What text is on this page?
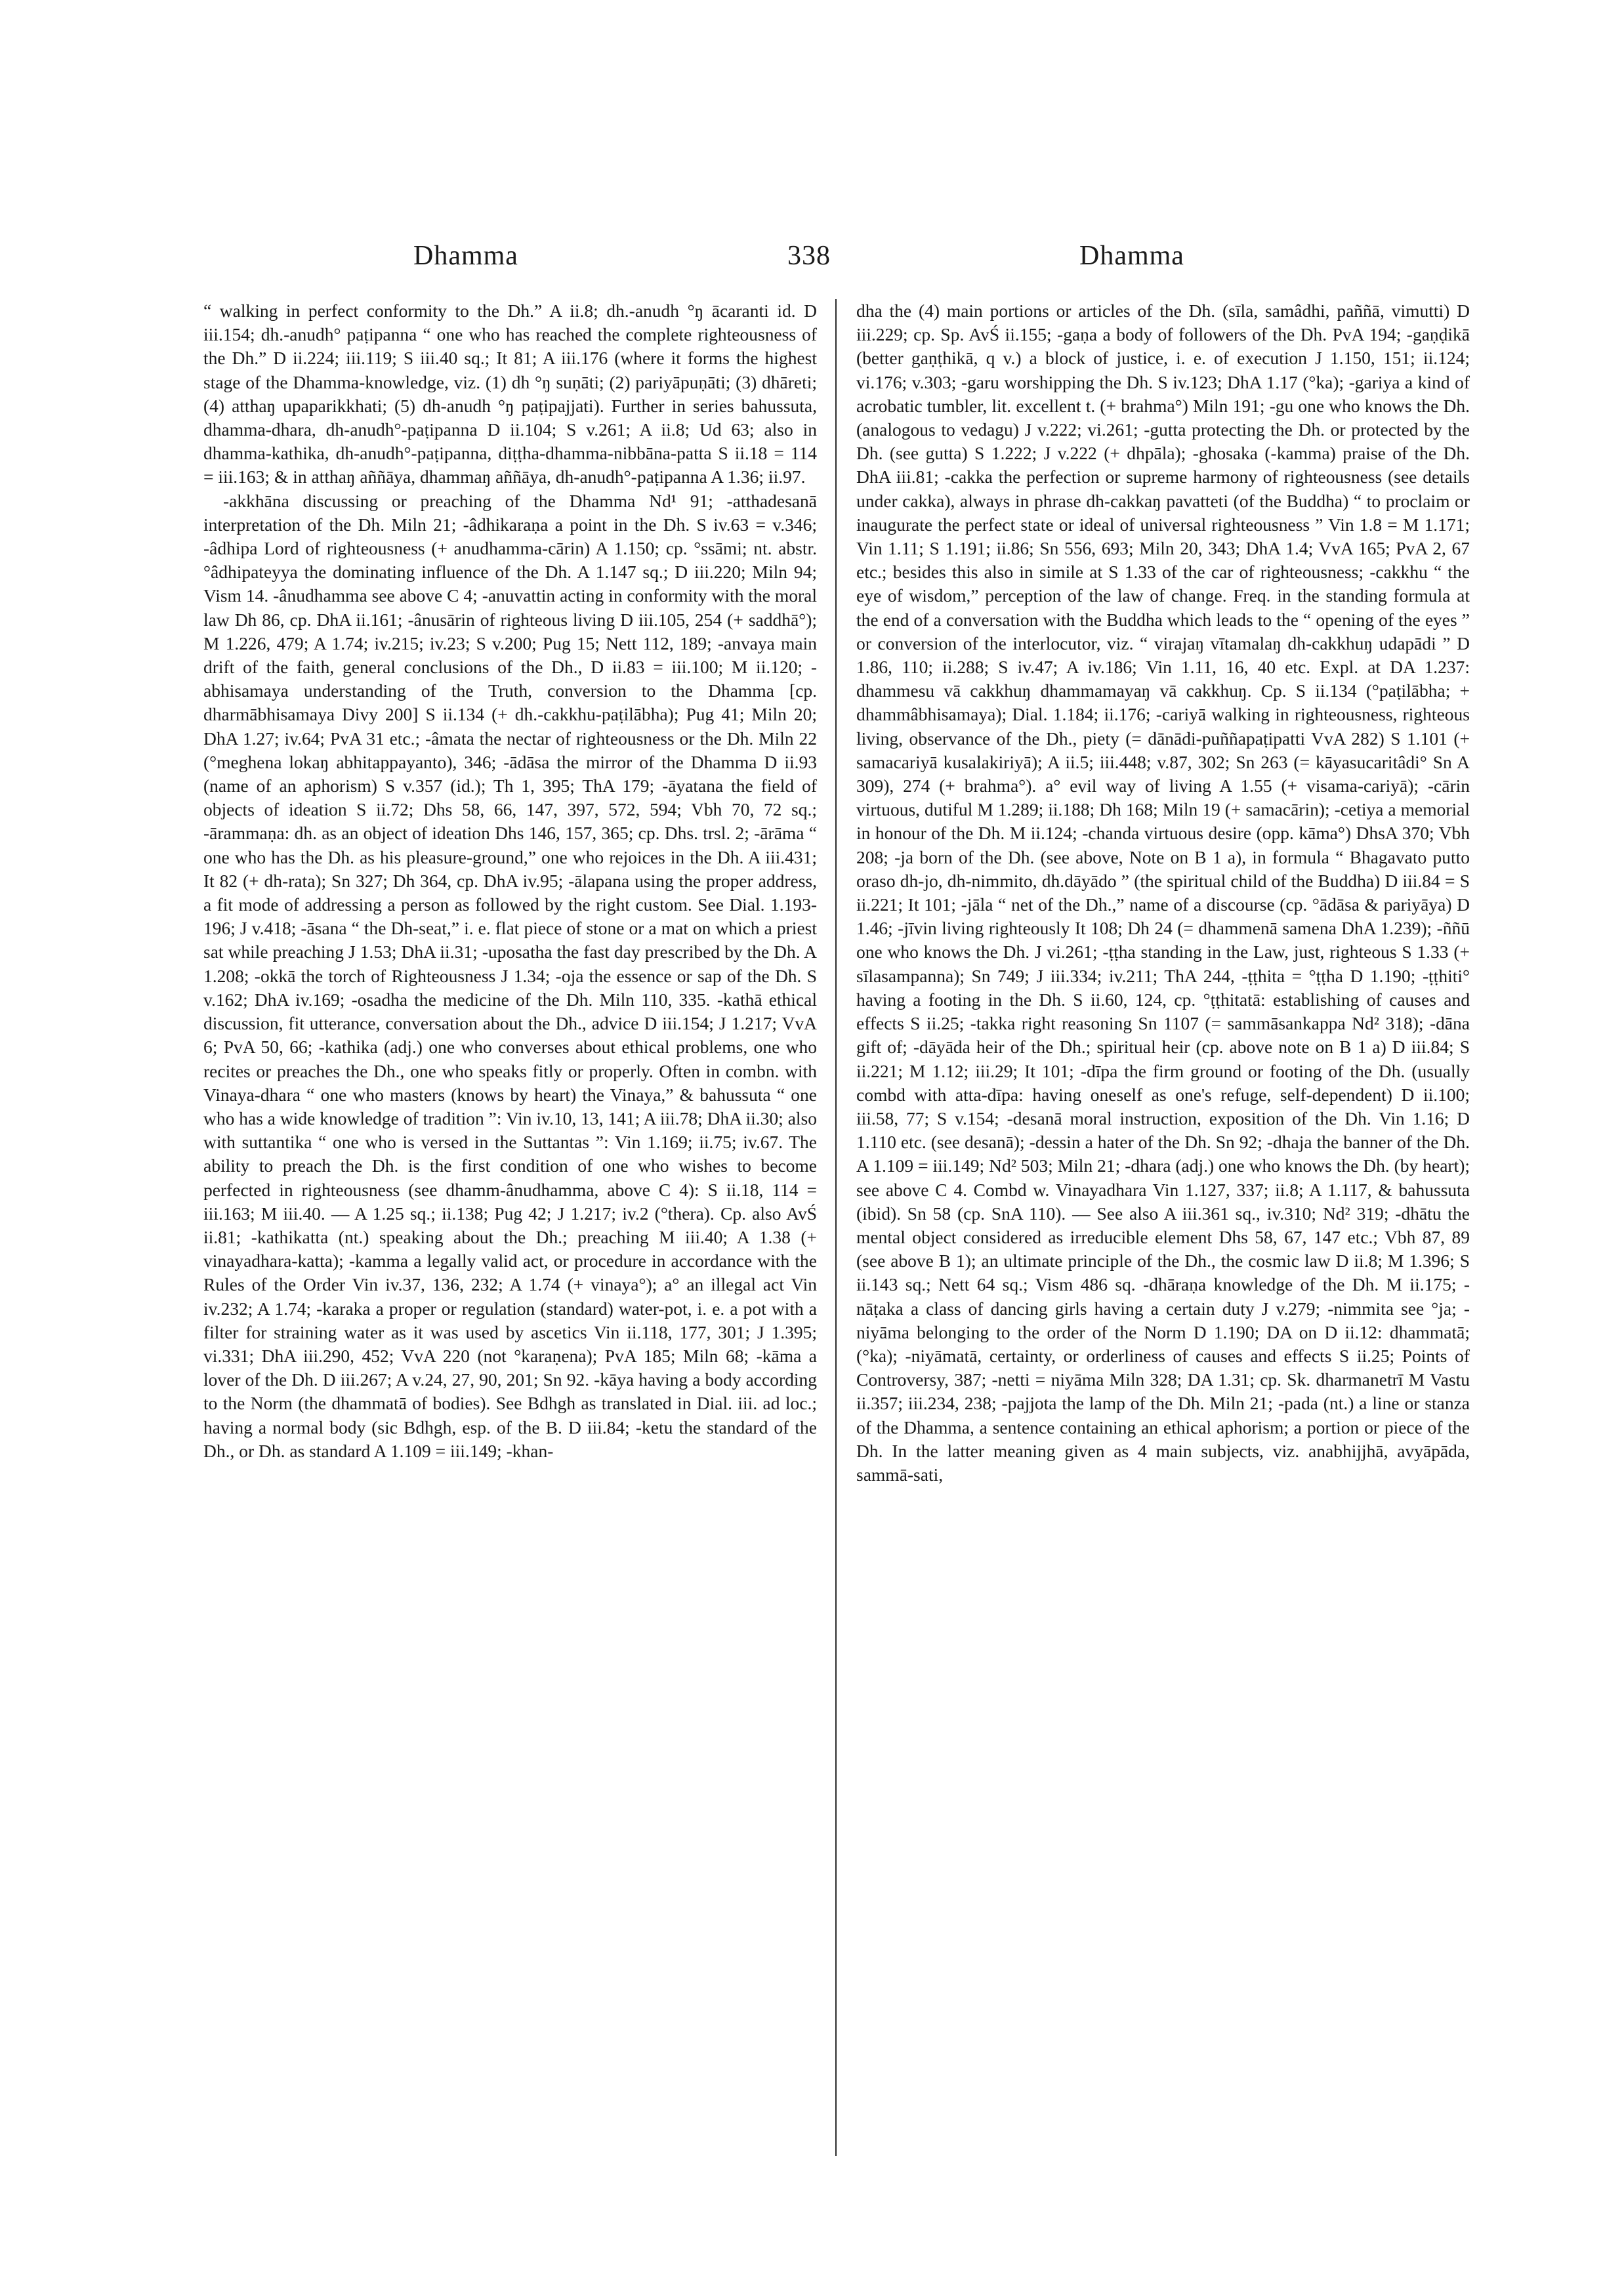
Dhamma	338	Dhamma

“ walking in perfect conformity to the Dh.” A ii.8; dh.-anudh °ŋ ācaranti id. D iii.154; dh.-anudh° paṭipanna “ one who has reached the complete righteousness of the Dh.” D ii.224; iii.119; S iii.40 sq.; It 81; A iii.176 (where it forms the highest stage of the Dhamma-knowledge, viz. (1) dh °ŋ suṇāti; (2) pariyāpuṇāti; (3) dhāreti; (4) atthaŋ upaparikkhati; (5) dh-anudh °ŋ paṭipajjati). Further in series bahussuta, dhamma-dhara, dh-anudh°-paṭipanna D ii.104; S v.261; A ii.8; Ud 63; also in dhamma-kathika, dh-anudh°-paṭipanna, diṭṭha-dhamma-nibbāna-patta S ii.18 = 114 = iii.163; & in atthaŋ aññāya, dhammaŋ aññāya, dh-anudh°-paṭipanna A 1.36; ii.97.

-akkhāna discussing or preaching of the Dhamma Nd¹ 91; -atthadesanā interpretation of the Dh. Miln 21; -âdhikaraṇa a point in the Dh. S iv.63 = v.346; -âdhipa Lord of righteousness (+ anudhamma-cārin) A 1.150; cp. °ssāmi; nt. abstr. °âdhipateyya the dominating influence of the Dh. A 1.147 sq.; D iii.220; Miln 94; Vism 14. -ânudhamma see above C 4; -anuvattin acting in conformity with the moral law Dh 86, cp. DhA ii.161; -ânusārin of righteous living D iii.105, 254 (+ saddhā°); M 1.226, 479; A 1.74; iv.215; iv.23; S v.200; Pug 15; Nett 112, 189; -anvaya main drift of the faith, general conclusions of the Dh., D ii.83 = iii.100; M ii.120; -abhisamaya understanding of the Truth, conversion to the Dhamma [cp. dharmābhisamaya Divy 200] S ii.134 (+ dh.-cakkhu-paṭilābha); Pug 41; Miln 20; DhA 1.27; iv.64; PvA 31 etc.; -âmata the nectar of righteousness or the Dh. Miln 22 (°meghena lokaŋ abhitappayanto), 346; -ādāsa the mirror of the Dhamma D ii.93 (name of an aphorism) S v.357 (id.); Th 1, 395; ThA 179; -āyatana the field of objects of ideation S ii.72; Dhs 58, 66, 147, 397, 572, 594; Vbh 70, 72 sq.; -ārammaṇa: dh. as an object of ideation Dhs 146, 157, 365; cp. Dhs. trsl. 2; -ārāma “ one who has the Dh. as his pleasure-ground,” one who rejoices in the Dh. A iii.431; It 82 (+ dh-rata); Sn 327; Dh 364, cp. DhA iv.95; -ālapana using the proper address, a fit mode of addressing a person as followed by the right custom. See Dial. 1.193-196; J v.418; -āsana “ the Dh-seat,” i. e. flat piece of stone or a mat on which a priest sat while preaching J 1.53; DhA ii.31; -uposatha the fast day prescribed by the Dh. A 1.208; -okkā the torch of Righteousness J 1.34; -oja the essence or sap of the Dh. S v.162; DhA iv.169; -osadha the medicine of the Dh. Miln 110, 335. -kathā ethical discussion, fit utterance, conversation about the Dh., advice D iii.154; J 1.217; VvA 6; PvA 50, 66; -kathika (adj.) one who converses about ethical problems, one who recites or preaches the Dh., one who speaks fitly or properly. Often in combn. with Vinaya-dhara “ one who masters (knows by heart) the Vinaya,” & bahussuta “ one who has a wide knowledge of tradition ”: Vin iv.10, 13, 141; A iii.78; DhA ii.30; also with suttantika “ one who is versed in the Suttantas ”: Vin 1.169; ii.75; iv.67. The ability to preach the Dh. is the first condition of one who wishes to become perfected in righteousness (see dhamm-ânudhamma, above C 4): S ii.18, 114 = iii.163; M iii.40. — A 1.25 sq.; ii.138; Pug 42; J 1.217; iv.2 (°thera). Cp. also AvŚ ii.81; -kathikatta (nt.) speaking about the Dh.; preaching M iii.40; A 1.38 (+ vinayadhara-katta); -kamma a legally valid act, or procedure in accordance with the Rules of the Order Vin iv.37, 136, 232; A 1.74 (+ vinaya°); a° an illegal act Vin iv.232; A 1.74; -karaka a proper or regulation (standard) water-pot, i. e. a pot with a filter for straining water as it was used by ascetics Vin ii.118, 177, 301; J 1.395; vi.331; DhA iii.290, 452; VvA 220 (not °karaṇena); PvA 185; Miln 68; -kāma a lover of the Dh. D iii.267; A v.24, 27, 90, 201; Sn 92. -kāya having a body according to the Norm (the dhammatā of bodies). See Bdhgh as translated in Dial. iii. ad loc.; having a normal body (sic Bdhgh, esp. of the B. D iii.84; -ketu the standard of the Dh., or Dh. as standard A 1.109 = iii.149; -khan-

dha the (4) main portions or articles of the Dh. (sīla, samâdhi, paññā, vimutti) D iii.229; cp. Sp. AvŚ ii.155; -gaṇa a body of followers of the Dh. PvA 194; -gaṇḍikā (better gaṇṭhikā, q v.) a block of justice, i. e. of execution J 1.150, 151; ii.124; vi.176; v.303; -garu worshipping the Dh. S iv.123; DhA 1.17 (°ka); -gariya a kind of acrobatic tumbler, lit. excellent t. (+ brahma°) Miln 191; -gu one who knows the Dh. (analogous to vedagu) J v.222; vi.261; -gutta protecting the Dh. or protected by the Dh. (see gutta) S 1.222; J v.222 (+ dhpāla); -ghosaka (-kamma) praise of the Dh. DhA iii.81; -cakka the perfection or supreme harmony of righteousness (see details under cakka), always in phrase dh-cakkaŋ pavatteti (of the Buddha) “ to proclaim or inaugurate the perfect state or ideal of universal righteousness ” Vin 1.8 = M 1.171; Vin 1.11; S 1.191; ii.86; Sn 556, 693; Miln 20, 343; DhA 1.4; VvA 165; PvA 2, 67 etc.; besides this also in simile at S 1.33 of the car of righteousness; -cakkhu “ the eye of wisdom,” perception of the law of change. Freq. in the standing formula at the end of a conversation with the Buddha which leads to the “ opening of the eyes ” or conversion of the interlocutor, viz. “ virajaŋ vītamalaŋ dh-cakkhuŋ udapādi ” D 1.86, 110; ii.288; S iv.47; A iv.186; Vin 1.11, 16, 40 etc. Expl. at DA 1.237: dhammesu vā cakkhuŋ dhammamayaŋ vā cakkhuŋ. Cp. S ii.134 (°paṭilābha; + dhammâbhisamaya); Dial. 1.184; ii.176; -cariyā walking in righteousness, righteous living, observance of the Dh., piety (= dānādi-puññapaṭipatti VvA 282) S 1.101 (+ samacariyā kusalakiriyā); A ii.5; iii.448; v.87, 302; Sn 263 (= kāyasucaritâdi° Sn A 309), 274 (+ brahma°). a° evil way of living A 1.55 (+ visama-cariyā); -cārin virtuous, dutiful M 1.289; ii.188; Dh 168; Miln 19 (+ samacārin); -cetiya a memorial in honour of the Dh. M ii.124; -chanda virtuous desire (opp. kāma°) DhsA 370; Vbh 208; -ja born of the Dh. (see above, Note on B 1 a), in formula “ Bhagavato putto oraso dh-jo, dh-nimmito, dh.dāyādo ” (the spiritual child of the Buddha) D iii.84 = S ii.221; It 101; -jāla “ net of the Dh.,” name of a discourse (cp. °ādāsa & pariyāya) D 1.46; -jīvin living righteously It 108; Dh 24 (= dhammenā samena DhA 1.239); -ññū one who knows the Dh. J vi.261; -ṭṭha standing in the Law, just, righteous S 1.33 (+ sīlasampanna); Sn 749; J iii.334; iv.211; ThA 244, -ṭṭhita = °ṭṭha D 1.190; -ṭṭhiti° having a footing in the Dh. S ii.60, 124, cp. °ṭṭhitatā: establishing of causes and effects S ii.25; -takka right reasoning Sn 1107 (= sammāsankappa Nd² 318); -dāna gift of; -dāyāda heir of the Dh.; spiritual heir (cp. above note on B 1 a) D iii.84; S ii.221; M 1.12; iii.29; It 101; -dīpa the firm ground or footing of the Dh. (usually combd with atta-dīpa: having oneself as one's refuge, self-dependent) D ii.100; iii.58, 77; S v.154; -desanā moral instruction, exposition of the Dh. Vin 1.16; D 1.110 etc. (see desanā); -dessin a hater of the Dh. Sn 92; -dhaja the banner of the Dh. A 1.109 = iii.149; Nd² 503; Miln 21; -dhara (adj.) one who knows the Dh. (by heart); see above C 4. Combd w. Vinayadhara Vin 1.127, 337; ii.8; A 1.117, & bahussuta (ibid). Sn 58 (cp. SnA 110). — See also A iii.361 sq., iv.310; Nd² 319; -dhātu the mental object considered as irreducible element Dhs 58, 67, 147 etc.; Vbh 87, 89 (see above B 1); an ultimate principle of the Dh., the cosmic law D ii.8; M 1.396; S ii.143 sq.; Nett 64 sq.; Vism 486 sq. -dhāraṇa knowledge of the Dh. M ii.175; -nāṭaka a class of dancing girls having a certain duty J v.279; -nimmita see °ja; -niyāma belonging to the order of the Norm D 1.190; DA on D ii.12: dhammatā; (°ka); -niyāmatā, certainty, or orderliness of causes and effects S ii.25; Points of Controversy, 387; -netti = niyāma Miln 328; DA 1.31; cp. Sk. dharmanetrī M Vastu ii.357; iii.234, 238; -pajjota the lamp of the Dh. Miln 21; -pada (nt.) a line or stanza of the Dhamma, a sentence containing an ethical aphorism; a portion or piece of the Dh. In the latter meaning given as 4 main subjects, viz. anabhijjhā, avyāpāda, sammā-sati,
